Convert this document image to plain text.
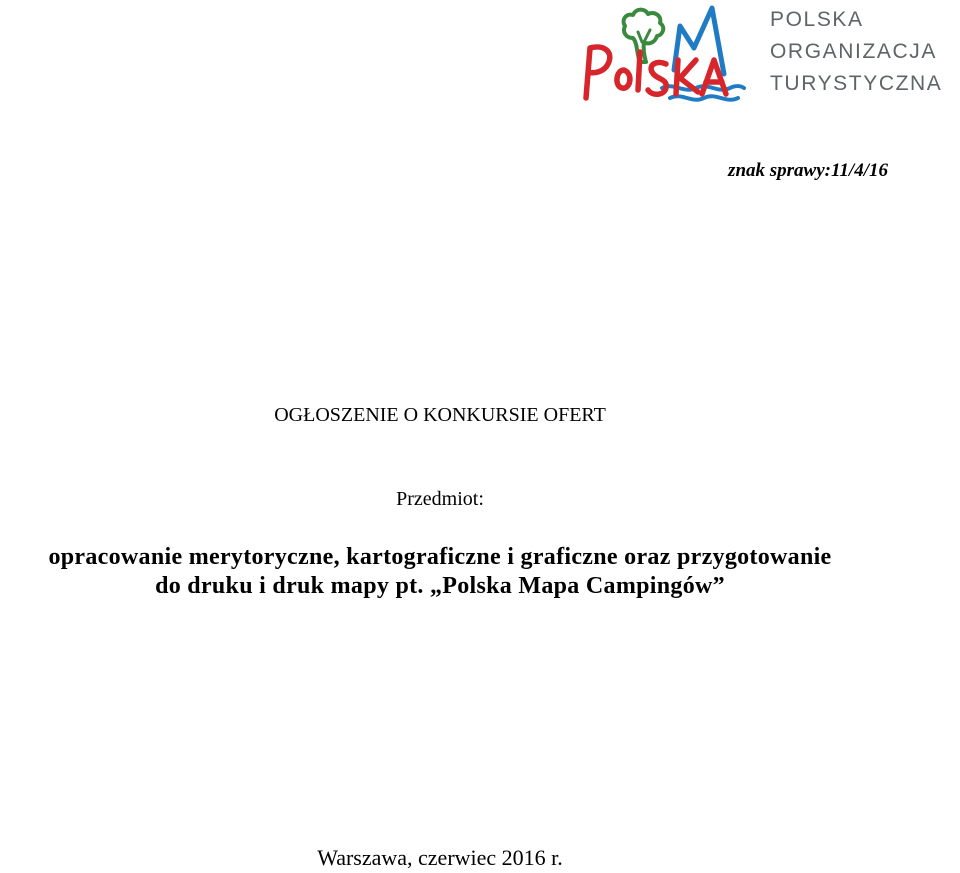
POLSKA
ORGANIZACJA
TURYSTYCZNA
znak sprawy:11/4/16
OGŁOSZENIE O KONKURSIE OFERT
Przedmiot:
opracowanie merytoryczne, kartograficzne i graficzne oraz przygotowanie
do druku i druk mapy pt. „Polska Mapa Campingów”
Warszawa, czerwiec 2016 r.
